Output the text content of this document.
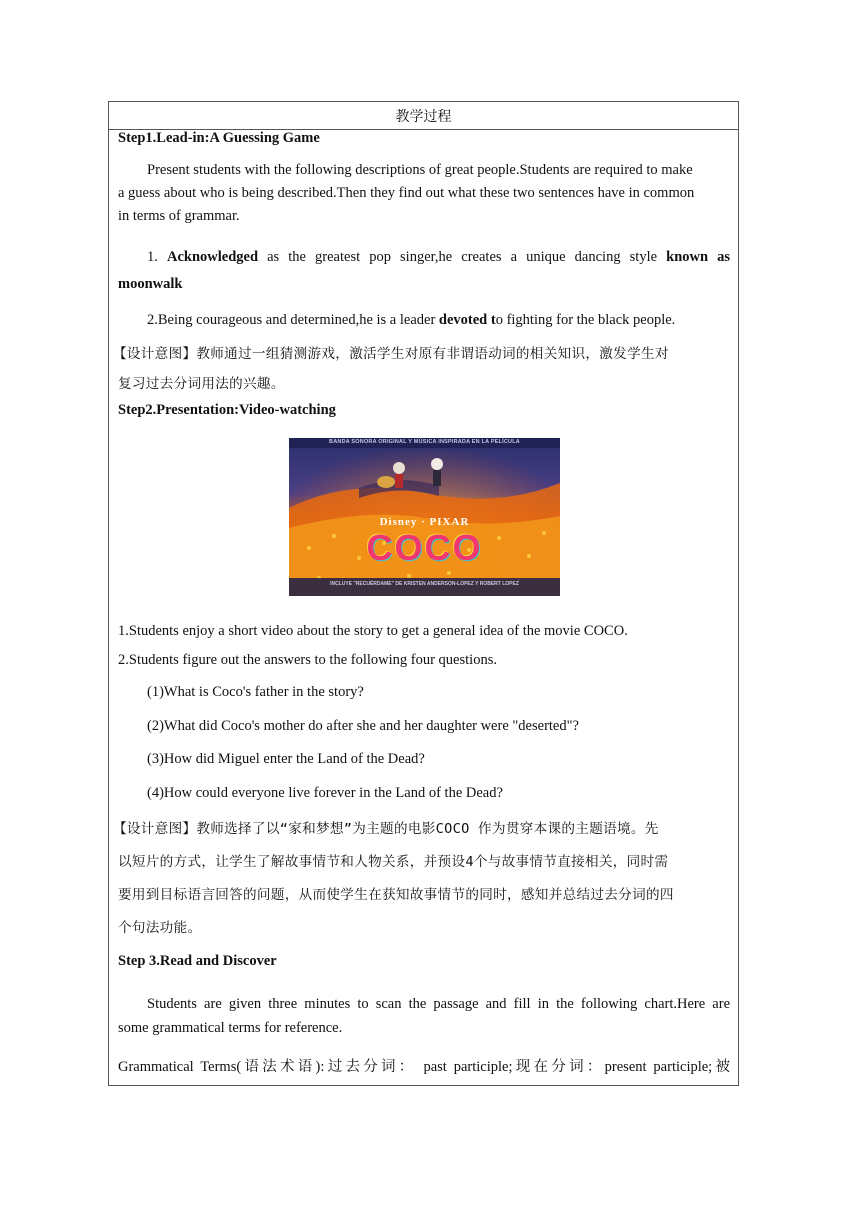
教学过程
Step1.Lead-in:A Guessing Game
Present students with the following descriptions of great people.Students are required to make
a guess about who is being described.Then they find out what these two sentences have in common
in terms of grammar.
1. Acknowledged as the greatest pop singer,he creates a unique dancing style known as
moonwalk
2.Being courageous and determined,he is a leader devoted to fighting for the black people.
【设计意图】教师通过一组猜测游戏，激活学生对原有非谓语动词的相关知识，激发学生对
复习过去分词用法的兴趣。
Step2.Presentation:Video-watching
BANDA SONORA ORIGINAL Y MÚSICA INSPIRADA EN LA PELÍCULA
Disney · PIXAR
COCO
INCLUYE "RECUÉRDAME" DE KRISTEN ANDERSON-LOPEZ Y ROBERT LOPEZ
1.Students enjoy a short video about the story to get a general idea of the movie COCO.
2.Students figure out the answers to the following four questions.
(1)What is Coco's father in the story?
(2)What did Coco's mother do after she and her daughter were "deserted"?
(3)How did Miguel enter the Land of the Dead?
(4)How could everyone live forever in the Land of the Dead?
【设计意图】教师选择了以“家和梦想”为主题的电影COCO 作为贯穿本课的主题语境。先
以短片的方式，让学生了解故事情节和人物关系，并预设4个与故事情节直接相关，同时需
要用到目标语言回答的问题，从而使学生在获知故事情节的同时，感知并总结过去分词的四
个句法功能。
Step 3.Read and Discover
Students are given three minutes to scan the passage and fill in the following chart.Here are
some grammatical terms for reference.
Grammatical Terms(语法术语):过去分词： past participle;现在分词：present participle;被
